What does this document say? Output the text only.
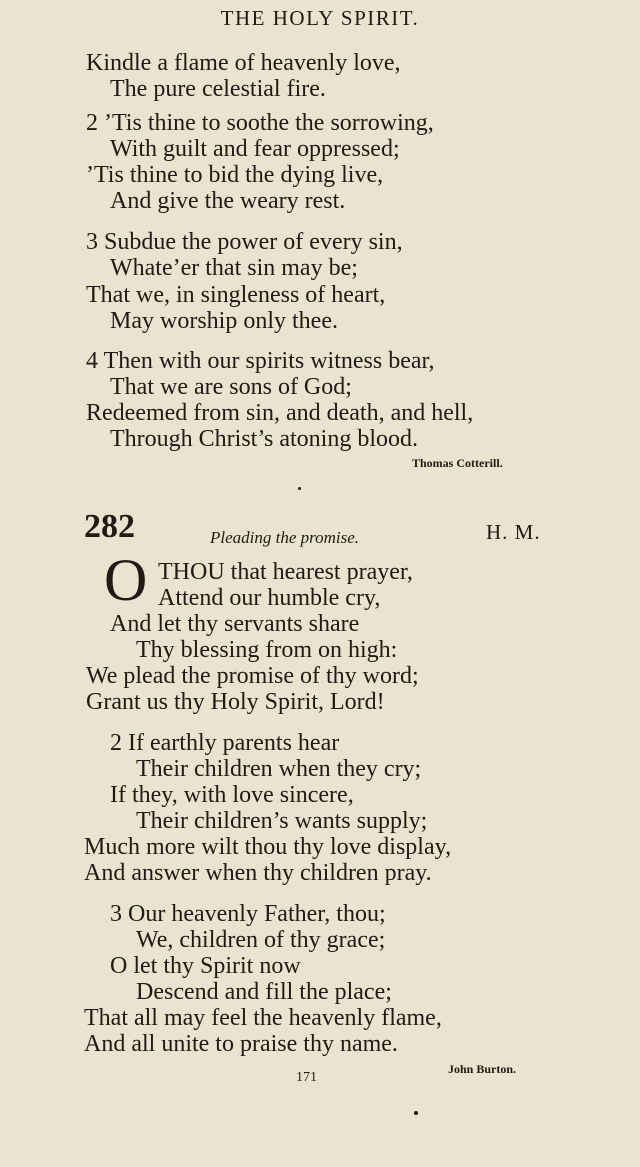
THE HOLY SPIRIT.
Kindle a flame of heavenly love,
The pure celestial fire.
2 ’Tis thine to soothe the sorrowing,
With guilt and fear oppressed;
’Tis thine to bid the dying live,
And give the weary rest.
3 Subdue the power of every sin,
Whate’er that sin may be;
That we, in singleness of heart,
May worship only thee.
4 Then with our spirits witness bear,
That we are sons of God;
Redeemed from sin, and death, and hell,
Through Christ’s atoning blood.
Thomas Cotterill.
282	Pleading the promise.	H. M.
O THOU that hearest prayer,
Attend our humble cry,
And let thy servants share
Thy blessing from on high:
We plead the promise of thy word;
Grant us thy Holy Spirit, Lord!
2 If earthly parents hear
Their children when they cry;
If they, with love sincere,
Their children’s wants supply;
Much more wilt thou thy love display,
And answer when thy children pray.
3 Our heavenly Father, thou;
We, children of thy grace;
O let thy Spirit now
Descend and fill the place;
That all may feel the heavenly flame,
And all unite to praise thy name.
John Burton.
171
